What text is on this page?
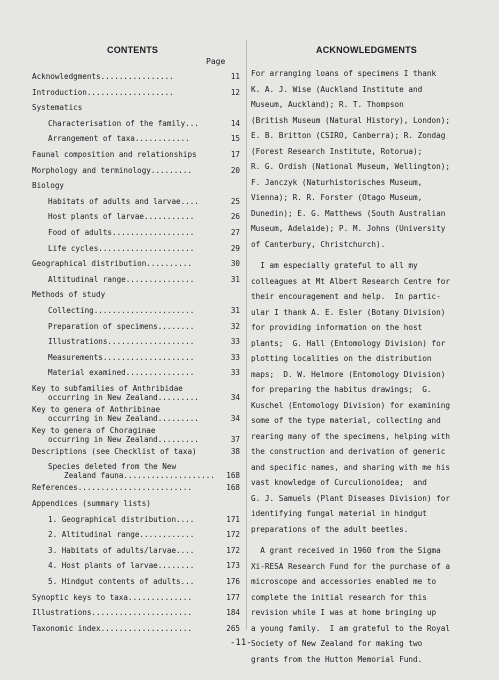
CONTENTS
Page
Acknowledgments................	11
Introduction...................	12
Systematics
Characterisation of the family...	14
Arrangement of taxa............	15
Faunal composition and relationships	17
Morphology and terminology.........	20
Biology
Habitats of adults and larvae....	25
Host plants of larvae...........	26
Food of adults..................	27
Life cycles.....................	29
Geographical distribution..........	30
Altitudinal range...............	31
Methods of study
Collecting......................	31
Preparation of specimens........	32
Illustrations...................	33
Measurements....................	33
Material examined...............	33
Key to subfamilies of Anthribidae
occurring in New Zealand.........	34
Key to genera of Anthribinae
occurring in New Zealand.........	34
Key to genera of Choraginae
occurring in New Zealand.........	37
Descriptions (see Checklist of taxa)	38
Species deleted from the New
Zealand fauna....................	168
References.........................	168
Appendices (summary lists)
1. Geographical distribution....	171
2. Altitudinal range............	172
3. Habitats of adults/larvae....	172
4. Host plants of larvae........	173
5. Hindgut contents of adults...	176
Synoptic keys to taxa..............	177
Illustrations......................	184
Taxonomic index....................	265
ACKNOWLEDGMENTS
For arranging loans of specimens I thank
K. A. J. Wise (Auckland Institute and
Museum, Auckland); R. T. Thompson
(British Museum (Natural History), London);
E. B. Britton (CSIRO, Canberra); R. Zondag
(Forest Research Institute, Rotorua);
R. G. Ordish (National Museum, Wellington);
F. Janczyk (Naturhistorisches Museum,
Vienna); R. R. Forster (Otago Museum,
Dunedin); E. G. Matthews (South Australian
Museum, Adelaide); P. M. Johns (University
of Canterbury, Christchurch).
I am especially grateful to all my
colleagues at Mt Albert Research Centre for
their encouragement and help.  In partic-
ular I thank A. E. Esler (Botany Division)
for providing information on the host
plants;  G. Hall (Entomology Division) for
plotting localities on the distribution
maps;  D. W. Helmore (Entomology Division)
for preparing the habitus drawings;  G.
Kuschel (Entomology Division) for examining
some of the type material, collecting and
rearing many of the specimens, helping with
the construction and derivation of generic
and specific names, and sharing with me his
vast knowledge of Curculionoidea;  and
G. J. Samuels (Plant Diseases Division) for
identifying fungal material in hindgut
preparations of the adult beetles.
A grant received in 1960 from the Sigma
Xi-RESA Research Fund for the purchase of a
microscope and accessories enabled me to
complete the initial research for this
revision while I was at home bringing up
a young family.  I am grateful to the Royal
Society of New Zealand for making two
grants from the Hutton Memorial Fund.
-11-
